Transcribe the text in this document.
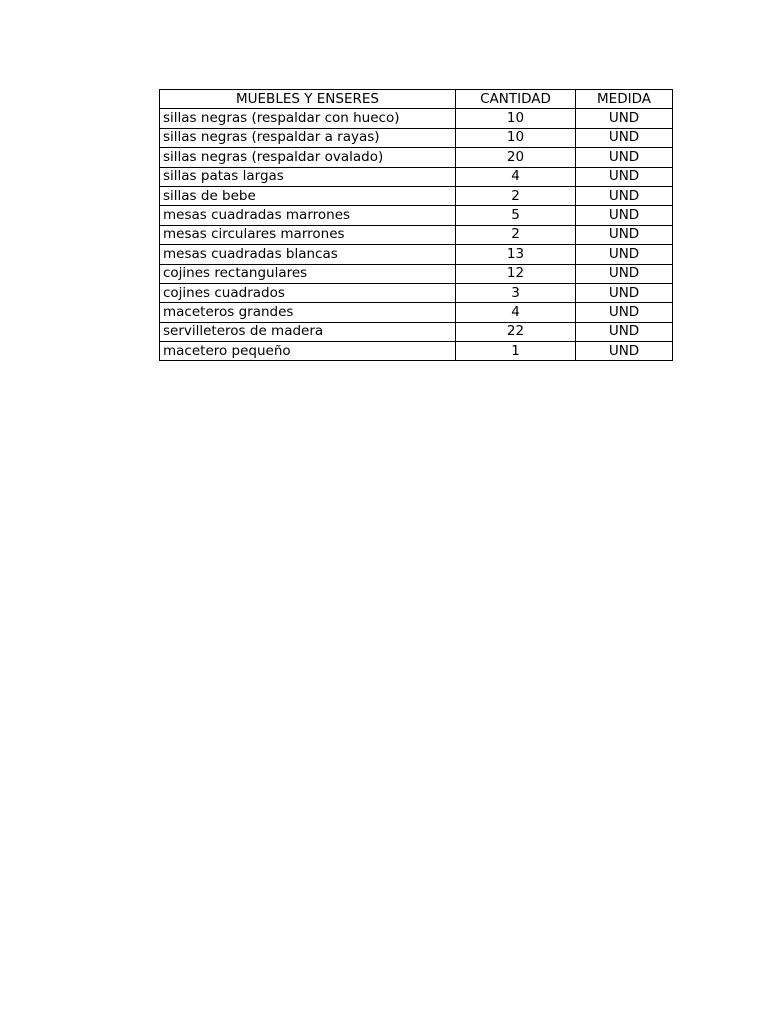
MUEBLES Y ENSERES	CANTIDAD	MEDIDA
sillas negras (respaldar con hueco)	10	UND
sillas negras (respaldar a rayas)	10	UND
sillas negras (respaldar ovalado)	20	UND
sillas patas largas	4	UND
sillas de bebe	2	UND
mesas cuadradas marrones	5	UND
mesas circulares marrones	2	UND
mesas cuadradas blancas	13	UND
cojines rectangulares	12	UND
cojines cuadrados	3	UND
maceteros grandes	4	UND
servilleteros de madera	22	UND
macetero pequeño	1	UND
